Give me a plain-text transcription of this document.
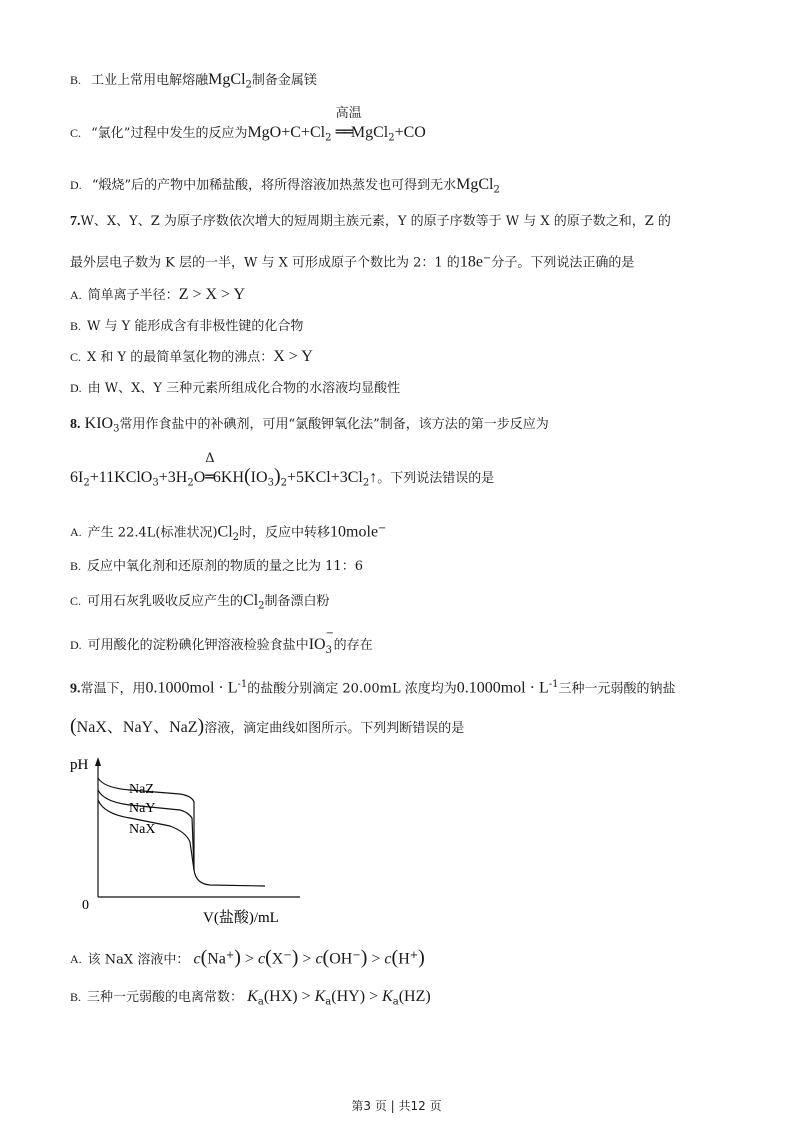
B. 工业上常用电解熔融MgCl$_2$制备金属镁
C. “氯化”过程中发生的反应为$MgO+C+Cl_2$
高温
══MgCl$_2$+CO
D. “煅烧”后的产物中加稀盐酸，将所得溶液加热蒸发也可得到无水MgCl$_2$
7.W、X、Y、Z 为原子序数依次增大的短周期主族元素，Y 的原子序数等于 W 与 X 的原子数之和，Z 的
最外层电子数为 K 层的一半，W 与 X 可形成原子个数比为 2：1 的18e−分子。下列说法正确的是
A. 简单离子半径：Z > X > Y
B. W 与 Y 能形成含有非极性键的化合物
C. X 和 Y 的最简单氢化物的沸点：X > Y
D. 由 W、X、Y 三种元素所组成化合物的水溶液均显酸性
8. $KIO_3$常用作食盐中的补碘剂，可用“氯酸钾氧化法”制备，该方法的第一步反应为
$6I_2+11KClO_3+3H_2O$
Δ
$═6KH(IO_3)_2+5KCl+3Cl_2↑$。下列说法错误的是
A. 产生 22.4L(标准状况)$Cl_2$时，反应中转移10mole−
B. 反应中氧化剂和还原剂的物质的量之比为 11：6
C. 可用石灰乳吸收反应产生的$Cl_2$制备漂白粉
D. 可用酸化的淀粉碘化钾溶液检验食盐中IO
−
3 的存在
9.常温下，用$0.1000mol \cdot L^{-1}$的盐酸分别滴定 20.00mL 浓度均为$0.1000mol \cdot L^{-1}$三种一元弱酸的钠盐
(NaX、NaY、NaZ)溶液，滴定曲线如图所示。下列判断错误的是
pH
0
NaZ
NaY
NaX
V(盐酸)/mL
A. 该 NaX 溶液中： c(Na+) > c(X−) > c(OH−) > c(H+)
B. 三种一元弱酸的电离常数： $K_a(HX) > K_a(HY) > K_a(HZ)$
第3 页 | 共12 页
